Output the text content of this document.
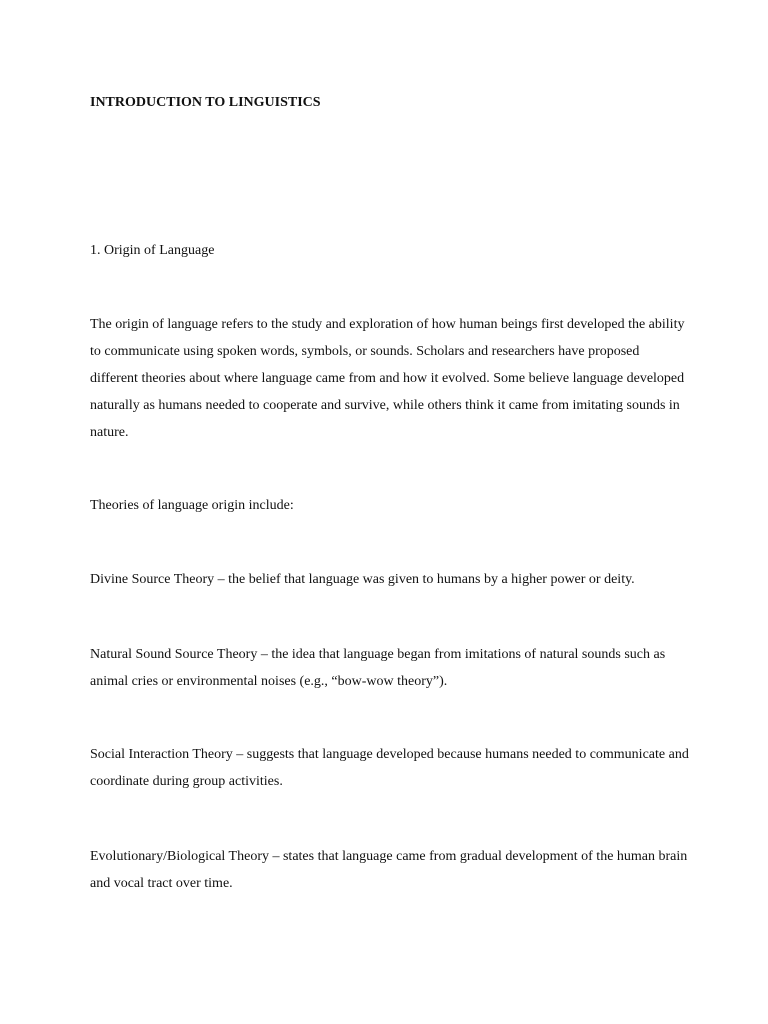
INTRODUCTION TO LINGUISTICS

1. Origin of Language

The origin of language refers to the study and exploration of how human beings first developed the ability to communicate using spoken words, symbols, or sounds. Scholars and researchers have proposed different theories about where language came from and how it evolved. Some believe language developed naturally as humans needed to cooperate and survive, while others think it came from imitating sounds in nature.

Theories of language origin include:

Divine Source Theory – the belief that language was given to humans by a higher power or deity.

Natural Sound Source Theory – the idea that language began from imitations of natural sounds such as animal cries or environmental noises (e.g., “bow-wow theory”).

Social Interaction Theory – suggests that language developed because humans needed to communicate and coordinate during group activities.

Evolutionary/Biological Theory – states that language came from gradual development of the human brain and vocal tract over time.
